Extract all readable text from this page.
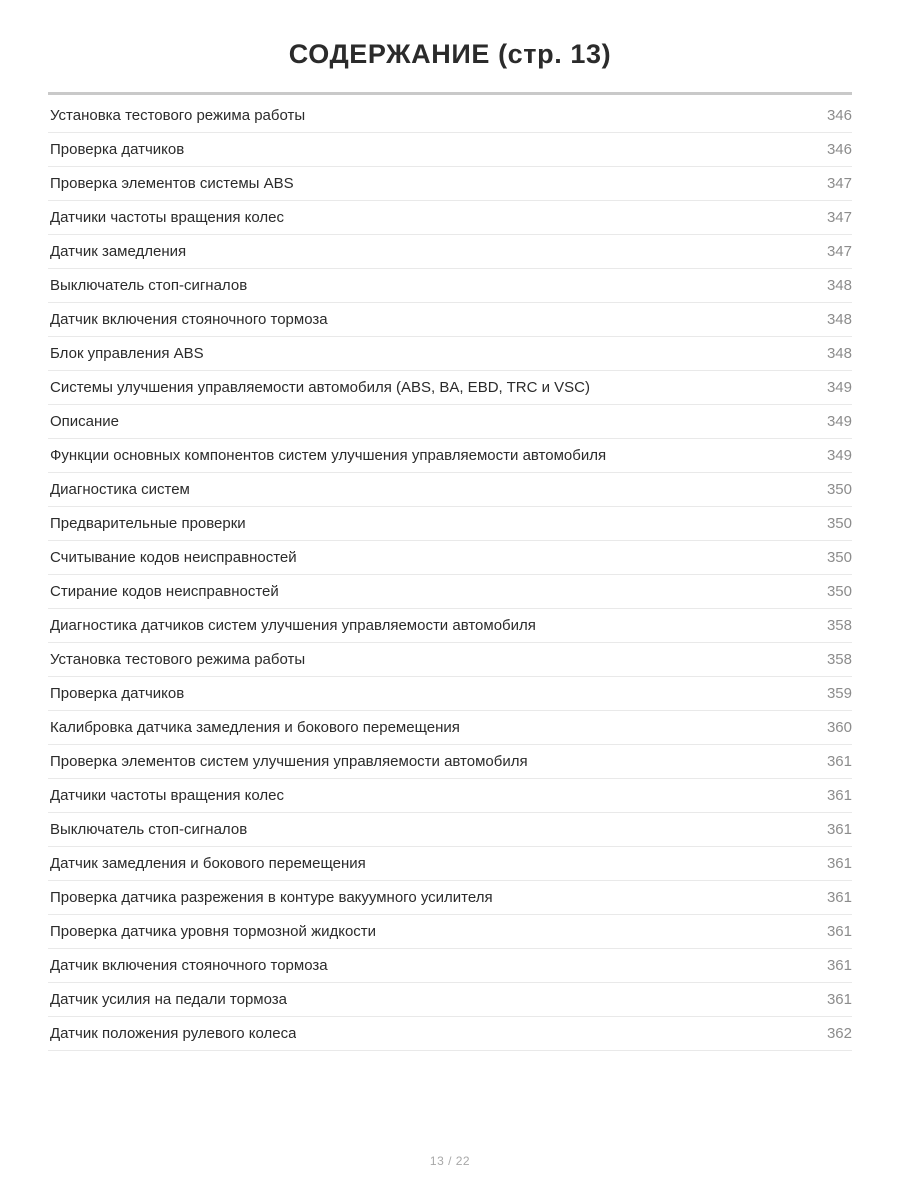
СОДЕРЖАНИЕ (стр. 13)
Установка тестового режима работы	346
Проверка датчиков	346
Проверка элементов системы ABS	347
Датчики частоты вращения колес	347
Датчик замедления	347
Выключатель стоп-сигналов	348
Датчик включения стояночного тормоза	348
Блок управления ABS	348
Системы улучшения управляемости автомобиля (ABS, BA, EBD, TRC и VSC)	349
Описание	349
Функции основных компонентов систем улучшения управляемости автомобиля	349
Диагностика систем	350
Предварительные проверки	350
Считывание кодов неисправностей	350
Стирание кодов неисправностей	350
Диагностика датчиков систем улучшения управляемости автомобиля	358
Установка тестового режима работы	358
Проверка датчиков	359
Калибровка датчика замедления и бокового перемещения	360
Проверка элементов систем улучшения управляемости автомобиля	361
Датчики частоты вращения колес	361
Выключатель стоп-сигналов	361
Датчик замедления и бокового перемещения	361
Проверка датчика разрежения в контуре вакуумного усилителя	361
Проверка датчика уровня тормозной жидкости	361
Датчик включения стояночного тормоза	361
Датчик усилия на педали тормоза	361
Датчик положения рулевого колеса	362
13 / 22
